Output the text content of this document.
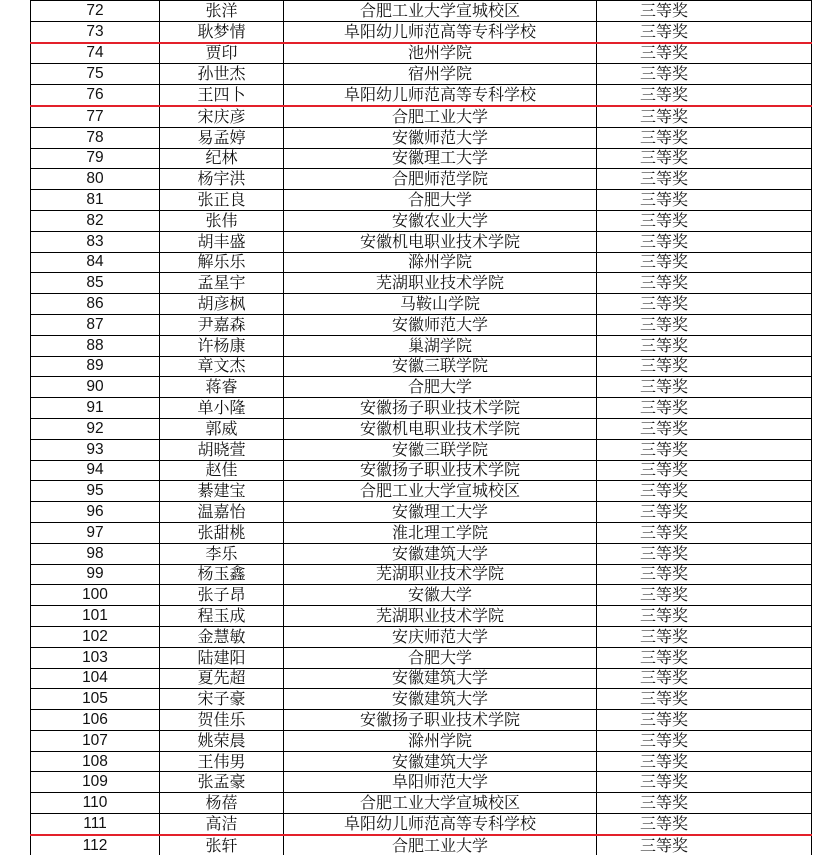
72	张洋	合肥工业大学宣城校区	三等奖
73	耿梦情	阜阳幼儿师范高等专科学校	三等奖
74	贾印	池州学院	三等奖
75	孙世杰	宿州学院	三等奖
76	王四卜	阜阳幼儿师范高等专科学校	三等奖
77	宋庆彦	合肥工业大学	三等奖
78	易孟婷	安徽师范大学	三等奖
79	纪林	安徽理工大学	三等奖
80	杨宇洪	合肥师范学院	三等奖
81	张正良	合肥大学	三等奖
82	张伟	安徽农业大学	三等奖
83	胡丰盛	安徽机电职业技术学院	三等奖
84	解乐乐	滁州学院	三等奖
85	孟星宇	芜湖职业技术学院	三等奖
86	胡彦枫	马鞍山学院	三等奖
87	尹嘉森	安徽师范大学	三等奖
88	许杨康	巢湖学院	三等奖
89	章文杰	安徽三联学院	三等奖
90	蒋睿	合肥大学	三等奖
91	单小隆	安徽扬子职业技术学院	三等奖
92	郭威	安徽机电职业技术学院	三等奖
93	胡晓萱	安徽三联学院	三等奖
94	赵佳	安徽扬子职业技术学院	三等奖
95	綦建宝	合肥工业大学宣城校区	三等奖
96	温嘉怡	安徽理工大学	三等奖
97	张甜桃	淮北理工学院	三等奖
98	李乐	安徽建筑大学	三等奖
99	杨玉鑫	芜湖职业技术学院	三等奖
100	张子昂	安徽大学	三等奖
101	程玉成	芜湖职业技术学院	三等奖
102	金慧敏	安庆师范大学	三等奖
103	陆建阳	合肥大学	三等奖
104	夏先超	安徽建筑大学	三等奖
105	宋子豪	安徽建筑大学	三等奖
106	贺佳乐	安徽扬子职业技术学院	三等奖
107	姚荣晨	滁州学院	三等奖
108	王伟男	安徽建筑大学	三等奖
109	张孟豪	阜阳师范大学	三等奖
110	杨蓓	合肥工业大学宣城校区	三等奖
111	高洁	阜阳幼儿师范高等专科学校	三等奖
112	张轩	合肥工业大学	三等奖
